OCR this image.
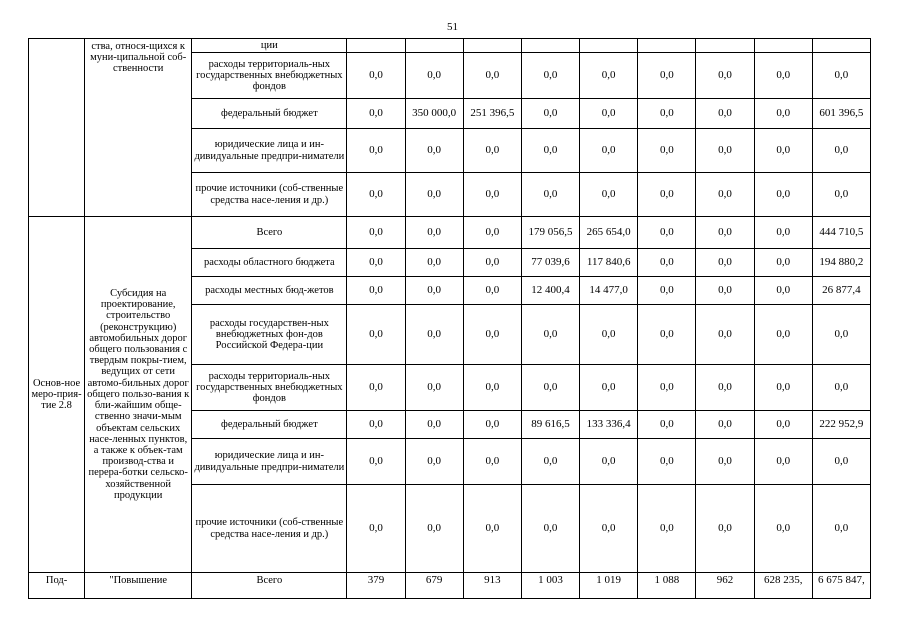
51
	ства, относя-щихся к муни-ципальной соб-ственности	ции									
		расходы территориаль-ных государственных внебюджетных фондов	0,0	0,0	0,0	0,0	0,0	0,0	0,0	0,0	0,0
		федеральный бюджет	0,0	350 000,0	251 396,5	0,0	0,0	0,0	0,0	0,0	601 396,5
		юридические лица и ин-дивидуальные предпри-ниматели	0,0	0,0	0,0	0,0	0,0	0,0	0,0	0,0	0,0
		прочие источники (соб-ственные средства насе-ления и др.)	0,0	0,0	0,0	0,0	0,0	0,0	0,0	0,0	0,0
Основ-ное меро-прия-тие 2.8	Субсидия на проектирование, строительство (реконструкцию) автомобильных дорог общего пользования с твердым покры-тием, ведущих от сети автомо-бильных дорог общего пользо-вания к бли-жайшим обще-ственно значи-мым объектам сельских насе-ленных пунктов, а также к объек-там производ-ства и перера-ботки сельско-хозяйственной продукции	Всего	0,0	0,0	0,0	179 056,5	265 654,0	0,0	0,0	0,0	444 710,5
		расходы областного бюджета	0,0	0,0	0,0	77 039,6	117 840,6	0,0	0,0	0,0	194 880,2
		расходы местных бюд-жетов	0,0	0,0	0,0	12 400,4	14 477,0	0,0	0,0	0,0	26 877,4
		расходы государствен-ных внебюджетных фон-дов Российской Федера-ции	0,0	0,0	0,0	0,0	0,0	0,0	0,0	0,0	0,0
		расходы территориаль-ных государственных внебюджетных фондов	0,0	0,0	0,0	0,0	0,0	0,0	0,0	0,0	0,0
		федеральный бюджет	0,0	0,0	0,0	89 616,5	133 336,4	0,0	0,0	0,0	222 952,9
		юридические лица и ин-дивидуальные предпри-ниматели	0,0	0,0	0,0	0,0	0,0	0,0	0,0	0,0	0,0
		прочие источники (соб-ственные средства насе-ления и др.)	0,0	0,0	0,0	0,0	0,0	0,0	0,0	0,0	0,0
Под-	"Повышение	Всего	379	679	913	1 003	1 019	1 088	962	628 235,	6 675 847,
